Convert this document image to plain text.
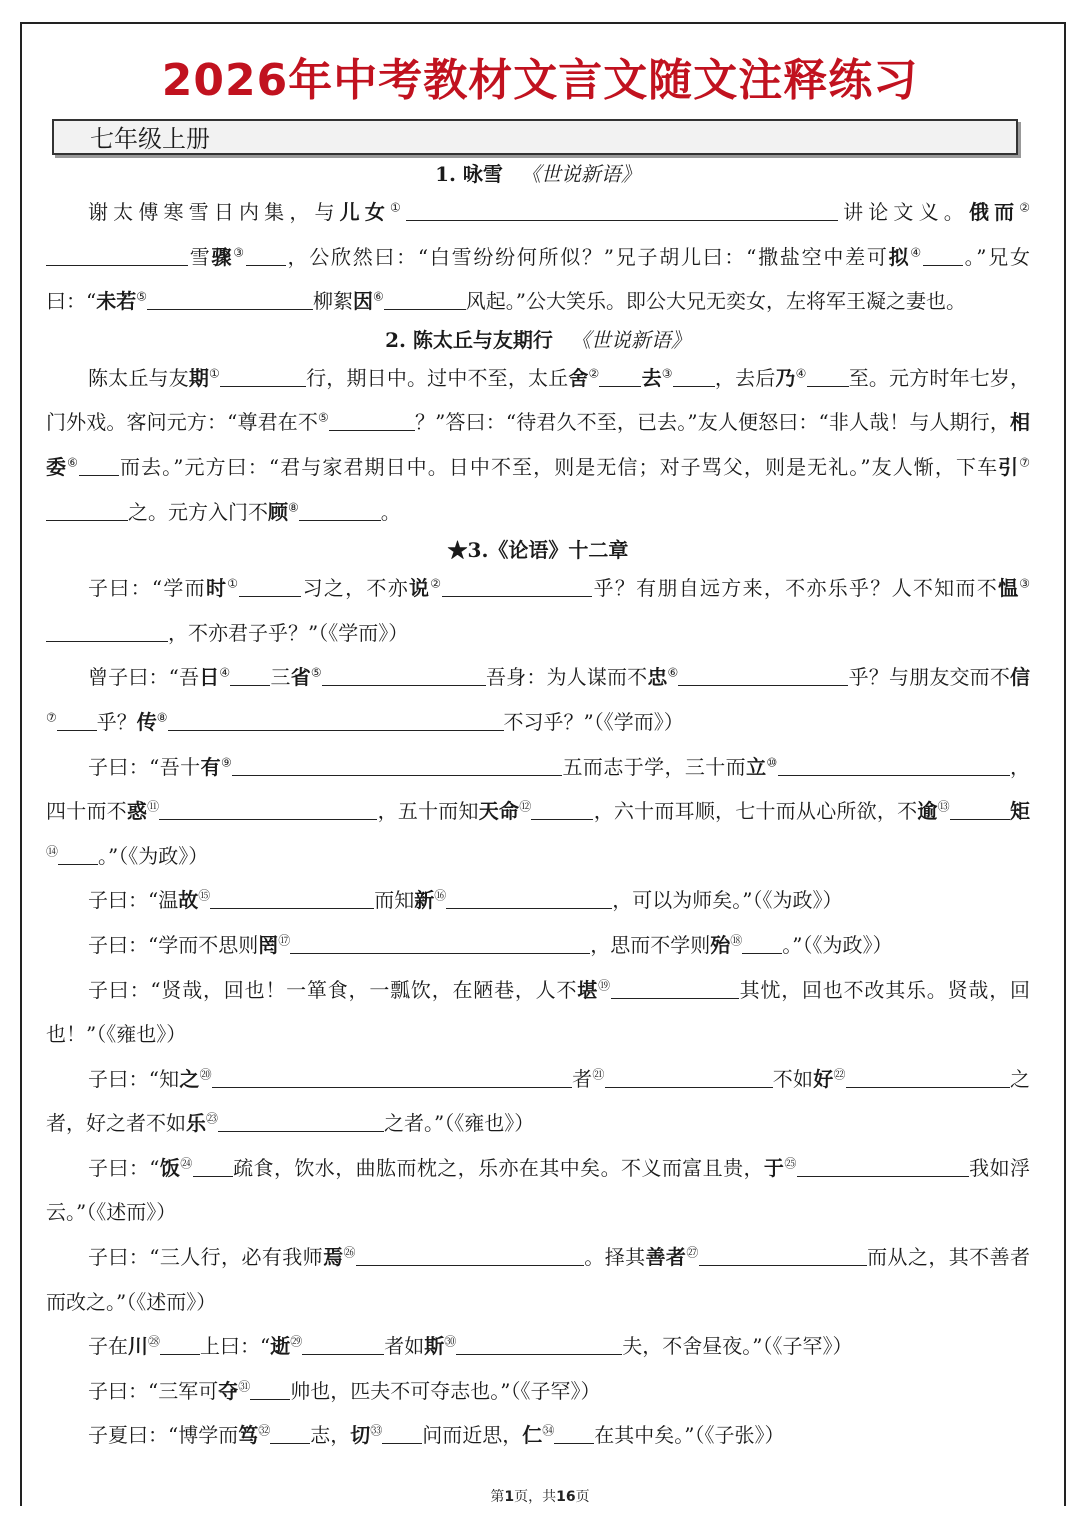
2026年中考教材文言文随文注释练习
七年级上册
1. 咏雪 《世说新语》

谢太傅寒雪日内集，与儿女①	讲论文义。俄而②雪骤③ ，公欣然曰：“白雪纷纷何所似？”兄子胡儿曰：“撒盐空中差可拟④ 。”兄女曰：“未若⑤	柳絮因⑥	风起。”公大笑乐。即公大兄无奕女，左将军王凝之妻也。

2. 陈太丘与友期行 《世说新语》

陈太丘与友期①	行，期日中。过中不至，太丘舍② 去③ ，去后乃④ 至。元方时年七岁，门外戏。客问元方：“尊君在不⑤	？”答曰：“待君久不至，已去。”友人便怒曰：“非人哉！与人期行，相委⑥ 而去。”元方曰：“君与家君期日中。日中不至，则是无信；对子骂父，则是无礼。”友人惭，下车引⑦之。元方入门不顾⑧	。

★3.《论语》十二章

子曰：“学而时①	习之，不亦说②	乎？有朋自远方来，不亦乐乎？人不知而不愠③，不亦君子乎？”（《学而》）

曾子曰：“吾日④ 三省⑤	吾身：为人谋而不忠⑥	乎？与朋友交而不信⑦ 乎？传⑧	不习乎？”（《学而》）

子曰：“吾十有⑨	五而志于学，三十而立⑩	，四十而不惑⑪	，五十而知天命⑫	，六十而耳顺，七十而从心所欲，不逾⑬	矩⑭ 。”（《为政》）

子曰：“温故⑮	而知新⑯	，可以为师矣。”（《为政》）

子曰：“学而不思则罔⑰	，思而不学则殆⑱ 。”（《为政》）

子曰：“贤哉，回也！一箪食，一瓢饮，在陋巷，人不堪⑲	其忧，回也不改其乐。贤哉，回也！”（《雍也》）

子曰：“知之⑳	者$^㉑$	不如好$^㉒$	之者，好之者不如乐$^㉓$	之者。”（《雍也》）

子曰：“饭$^㉔$ 疏食，饮水，曲肱而枕之，乐亦在其中矣。不义而富且贵，于$^㉕$	我如浮云。”（《述而》）

子曰：“三人行，必有我师焉$^㉖$	。择其善者$^㉗$	而从之，其不善者而改之。”（《述而》）

子在川$^㉘$ 上曰：“逝$^㉙$	者如斯$^㉚$	夫，不舍昼夜。”（《子罕》）

子曰：“三军可夺$^㉛$ 帅也，匹夫不可夺志也。”（《子罕》）

子夏曰：“博学而笃$^㉜$ 志，切$^㉝$ 问而近思，仁$^㉞$ 在其中矣。”（《子张》）

第1页，共16页
